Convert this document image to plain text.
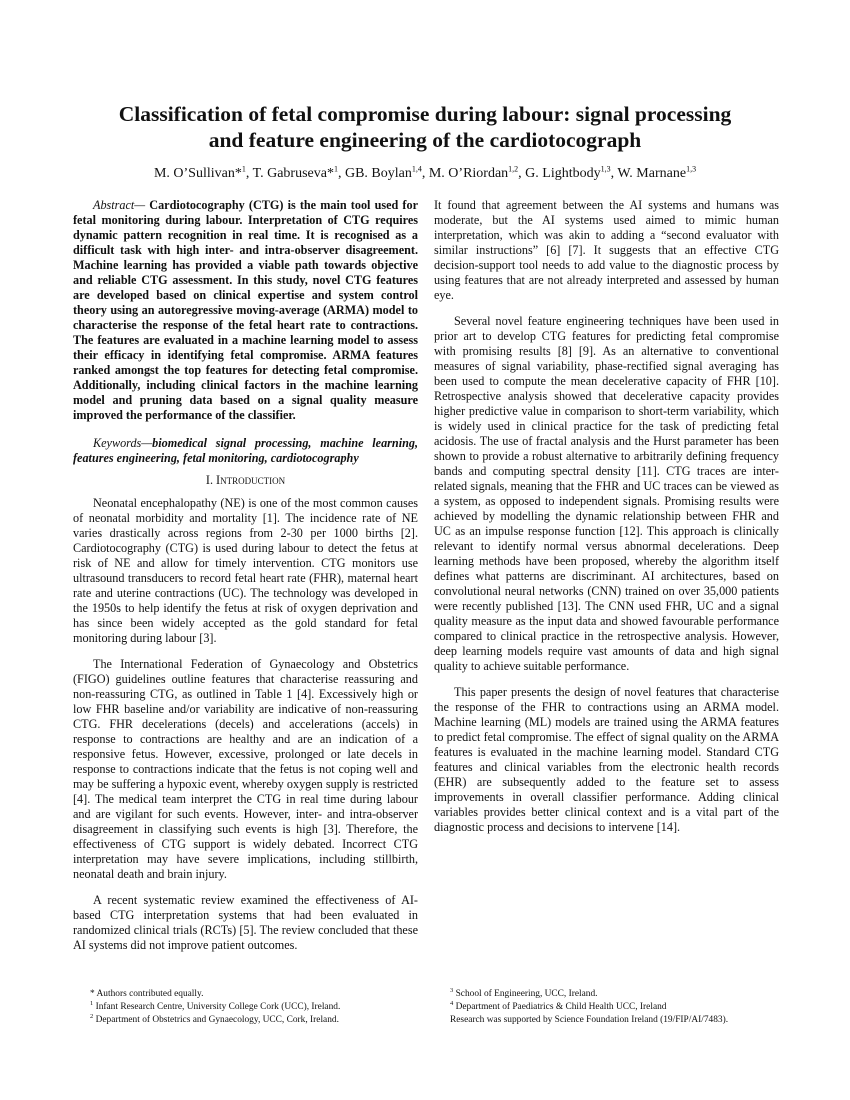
Classification of fetal compromise during labour: signal processing
and feature engineering of the cardiotocograph
M. O’Sullivan*$^1$, T. Gabruseva*$^1$, GB. Boylan$^{1,4}$, M. O’Riordan$^{1,2}$, G. Lightbody$^{1,3}$, W. Marnane$^{1,3}$

Abstract— Cardiotocography (CTG) is the main tool used for fetal monitoring during labour. Interpretation of CTG requires dynamic pattern recognition in real time. It is recognised as a difficult task with high inter- and intra-observer disagreement. Machine learning has provided a viable path towards objective and reliable CTG assessment. In this study, novel CTG features are developed based on clinical expertise and system control theory using an autoregressive moving-average (ARMA) model to characterise the response of the fetal heart rate to contractions. The features are evaluated in a machine learning model to assess their efficacy in identifying fetal compromise. ARMA features ranked amongst the top features for detecting fetal compromise. Additionally, including clinical factors in the machine learning model and pruning data based on a signal quality measure improved the performance of the classifier.

Keywords—biomedical signal processing, machine learning, features engineering, fetal monitoring, cardiotocography

I. Introduction

Neonatal encephalopathy (NE) is one of the most common causes of neonatal morbidity and mortality [1]. The incidence rate of NE varies drastically across regions from 2-30 per 1000 births [2]. Cardiotocography (CTG) is used during labour to detect the fetus at risk of NE and allow for timely intervention. CTG monitors use ultrasound transducers to record fetal heart rate (FHR), maternal heart rate and uterine contractions (UC). The technology was developed in the 1950s to help identify the fetus at risk of oxygen deprivation and has since been widely accepted as the gold standard for fetal monitoring during labour [3].

The International Federation of Gynaecology and Obstetrics (FIGO) guidelines outline features that characterise reassuring and non-reassuring CTG, as outlined in Table 1 [4]. Excessively high or low FHR baseline and/or variability are indicative of non-reassuring CTG. FHR decelerations (decels) and accelerations (accels) in response to contractions are healthy and are an indication of a responsive fetus. However, excessive, prolonged or late decels in response to contractions indicate that the fetus is not coping well and may be suffering a hypoxic event, whereby oxygen supply is restricted [4]. The medical team interpret the CTG in real time during labour and are vigilant for such events. However, inter- and intra-observer disagreement in classifying such events is high [3]. Therefore, the effectiveness of CTG support is widely debated. Incorrect CTG interpretation may have severe implications, including stillbirth, neonatal death and brain injury.

A recent systematic review examined the effectiveness of AI-based CTG interpretation systems that had been evaluated in randomized clinical trials (RCTs) [5]. The review concluded that these AI systems did not improve patient outcomes.

It found that agreement between the AI systems and humans was moderate, but the AI systems used aimed to mimic human interpretation, which was akin to adding a “second evaluator with similar instructions” [6] [7]. It suggests that an effective CTG decision-support tool needs to add value to the diagnostic process by using features that are not already interpreted and assessed by human eye.

Several novel feature engineering techniques have been used in prior art to develop CTG features for predicting fetal compromise with promising results [8] [9]. As an alternative to conventional measures of signal variability, phase-rectified signal averaging has been used to compute the mean decelerative capacity of FHR [10]. Retrospective analysis showed that decelerative capacity provides higher predictive value in comparison to short-term variability, which is widely used in clinical practice for the task of predicting fetal acidosis. The use of fractal analysis and the Hurst parameter has been shown to provide a robust alternative to arbitrarily defining frequency bands and computing spectral density [11]. CTG traces are inter-related signals, meaning that the FHR and UC traces can be viewed as a system, as opposed to independent signals. Promising results were achieved by modelling the dynamic relationship between FHR and UC as an impulse response function [12]. This approach is clinically relevant to identify normal versus abnormal decelerations. Deep learning methods have been proposed, whereby the algorithm itself defines what patterns are discriminant. AI architectures, based on convolutional neural networks (CNN) trained on over 35,000 patients were recently published [13]. The CNN used FHR, UC and a signal quality measure as the input data and showed favourable performance compared to clinical practice in the retrospective analysis. However, deep learning models require vast amounts of data and high signal quality to achieve suitable performance.

This paper presents the design of novel features that characterise the response of the FHR to contractions using an ARMA model. Machine learning (ML) models are trained using the ARMA features to predict fetal compromise. The effect of signal quality on the ARMA features is evaluated in the machine learning model. Standard CTG features and clinical variables from the electronic health records (EHR) are subsequently added to the feature set to assess improvements in overall classifier performance. Adding clinical variables provides better clinical context and is a vital part of the diagnostic process and decisions to intervene [14].

* Authors contributed equally.
$^1$ Infant Research Centre, University College Cork (UCC), Ireland.
$^2$ Department of Obstetrics and Gynaecology, UCC, Cork, Ireland.
$^3$ School of Engineering, UCC, Ireland.
$^4$ Department of Paediatrics & Child Health UCC, Ireland
Research was supported by Science Foundation Ireland (19/FIP/AI/7483).
